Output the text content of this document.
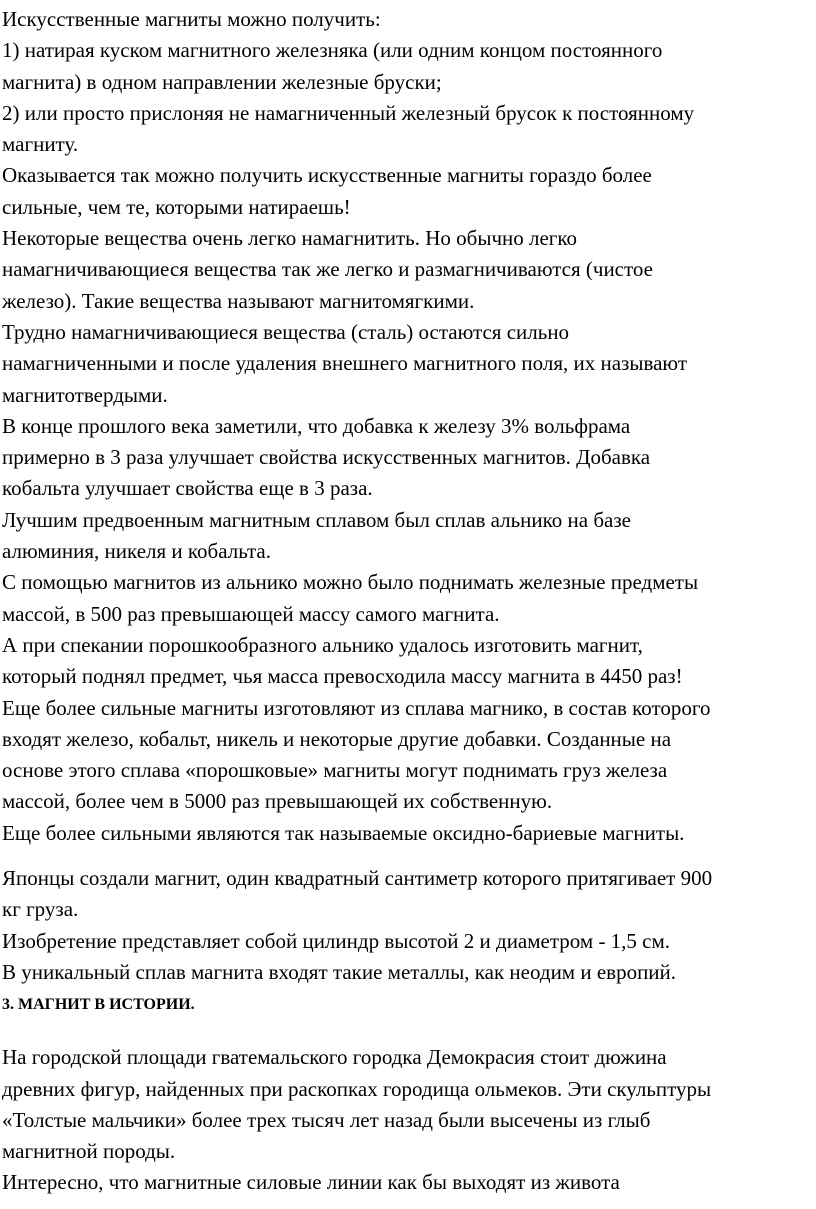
Искусственные магниты можно получить:

1) натирая куском магнитного железняка (или одним концом постоянного

магнита) в одном направлении железные бруски;

2) или просто прислоняя не намагниченный железный брусок к постоянному

магниту.

Оказывается так можно получить искусственные магниты гораздо более

сильные, чем те, которыми натираешь!

Некоторые вещества очень легко намагнитить. Но обычно легко

намагничивающиеся вещества так же легко и размагничиваются (чистое

железо). Такие вещества называют магнитомягкими.

Трудно намагничивающиеся вещества (сталь) остаются сильно

намагниченными и после удаления внешнего магнитного поля, их называют

магнитотвердыми.

В конце прошлого века заметили, что добавка к железу 3% вольфрама

примерно в 3 раза улучшает свойства искусственных магнитов. Добавка

кобальта улучшает свойства еще в 3 раза.

Лучшим предвоенным магнитным сплавом был сплав альнико на базе

алюминия, никеля и кобальта.

С помощью магнитов из альнико можно было поднимать железные предметы

массой, в 500 раз превышающей массу самого магнита.

А при спекании порошкообразного альнико удалось изготовить магнит,

который поднял предмет, чья масса превосходила массу магнита в 4450 раз!

Еще более сильные магниты изготовляют из сплава магнико, в состав которого

входят железо, кобальт, никель и некоторые другие добавки. Созданные на

основе этого сплава «порошковые» магниты могут поднимать груз железа

массой, более чем в 5000 раз превышающей их собственную.

Еще более сильными являются так называемые оксидно-бариевые магниты.

Японцы создали магнит, один квадратный сантиметр которого притягивает 900

кг груза.

Изобретение представляет собой цилиндр высотой 2 и диаметром - 1,5 см.

В уникальный сплав магнита входят такие металлы, как неодим и европий.

3. МАГНИТ В ИСТОРИИ.

На городской площади гватемальского городка Демокрасия стоит дюжина

древних фигур, найденных при раскопках городища ольмеков. Эти скульптуры

«Толстые мальчики» более трех тысяч лет назад были высечены из глыб

магнитной породы.

Интересно, что магнитные силовые линии как бы выходят из живота
